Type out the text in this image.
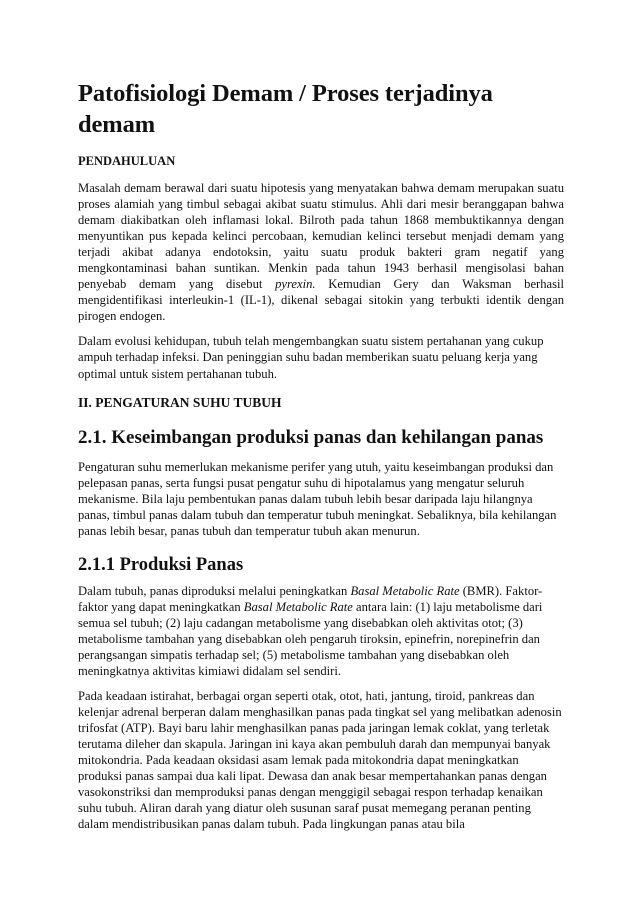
Patofisiologi Demam / Proses terjadinya demam
PENDAHULUAN

Masalah demam berawal dari suatu hipotesis yang menyatakan bahwa demam merupakan suatu proses alamiah yang timbul sebagai akibat suatu stimulus. Ahli dari mesir beranggapan bahwa demam diakibatkan oleh inflamasi lokal. Bilroth pada tahun 1868 membuktikannya dengan menyuntikan pus kepada kelinci percobaan, kemudian kelinci tersebut menjadi demam yang terjadi akibat adanya endotoksin, yaitu suatu produk bakteri gram negatif yang mengkontaminasi bahan suntikan. Menkin pada tahun 1943 berhasil mengisolasi bahan penyebab demam yang disebut pyrexin. Kemudian Gery dan Waksman berhasil mengidentifikasi interleukin-1 (IL-1), dikenal sebagai sitokin yang terbukti identik dengan pirogen endogen.

Dalam evolusi kehidupan, tubuh telah mengembangkan suatu sistem pertahanan yang cukup ampuh terhadap infeksi. Dan peninggian suhu badan memberikan suatu peluang kerja yang optimal untuk sistem pertahanan tubuh.

II. PENGATURAN SUHU TUBUH
2.1. Keseimbangan produksi panas dan kehilangan panas

Pengaturan suhu memerlukan mekanisme perifer yang utuh, yaitu keseimbangan produksi dan pelepasan panas, serta fungsi pusat pengatur suhu di hipotalamus yang mengatur seluruh mekanisme. Bila laju pembentukan panas dalam tubuh lebih besar daripada laju hilangnya panas, timbul panas dalam tubuh dan temperatur tubuh meningkat. Sebaliknya, bila kehilangan panas lebih besar, panas tubuh dan temperatur tubuh akan menurun.

2.1.1 Produksi Panas

Dalam tubuh, panas diproduksi melalui peningkatkan Basal Metabolic Rate (BMR). Faktor-faktor yang dapat meningkatkan Basal Metabolic Rate antara lain: (1) laju metabolisme dari semua sel tubuh; (2) laju cadangan metabolisme yang disebabkan oleh aktivitas otot; (3) metabolisme tambahan yang disebabkan oleh pengaruh tiroksin, epinefrin, norepinefrin dan perangsangan simpatis terhadap sel; (5) metabolisme tambahan yang disebabkan oleh meningkatnya aktivitas kimiawi didalam sel sendiri.

Pada keadaan istirahat, berbagai organ seperti otak, otot, hati, jantung, tiroid, pankreas dan kelenjar adrenal berperan dalam menghasilkan panas pada tingkat sel yang melibatkan adenosin trifosfat (ATP). Bayi baru lahir menghasilkan panas pada jaringan lemak coklat, yang terletak terutama dileher dan skapula. Jaringan ini kaya akan pembuluh darah dan mempunyai banyak mitokondria. Pada keadaan oksidasi asam lemak pada mitokondria dapat meningkatkan produksi panas sampai dua kali lipat. Dewasa dan anak besar mempertahankan panas dengan vasokonstriksi dan memproduksi panas dengan menggigil sebagai respon terhadap kenaikan suhu tubuh. Aliran darah yang diatur oleh susunan saraf pusat memegang peranan penting dalam mendistribusikan panas dalam tubuh. Pada lingkungan panas atau bila
